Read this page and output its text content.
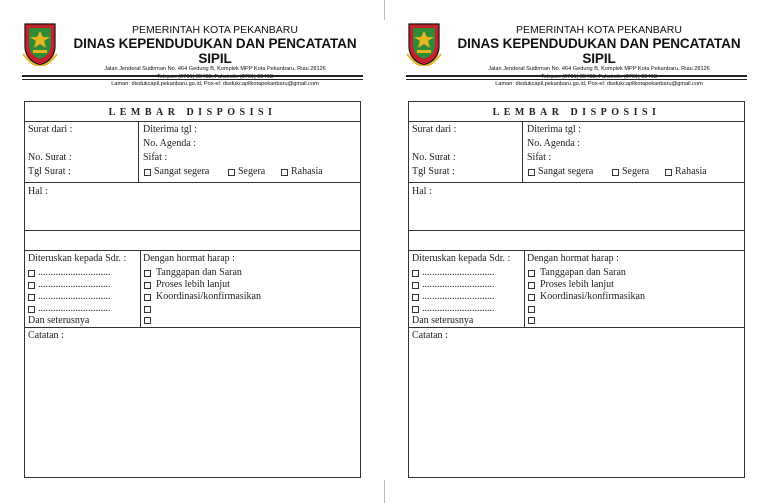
PEMERINTAH KOTA PEKANBARU
DINAS KEPENDUDUKAN DAN PENCATATAN SIPIL
Jalan Jenderal Sudirman No. 464 Gedung B, Komplek MPP Kota Pekanbaru, Riau 28126
Laman: disdukcapil.pekanbaru.go.id, Pos-el: disdukcapilkotapekanbaru@gmail.com
LEMBAR DISPOSISI
Surat dari :
No. Surat :
Tgl Surat :
Diterima tgl :
No. Agenda :
Sifat :
Sangat segera	Segera	Rahasia
Hal :
Diteruskan kepada Sdr. :
.............................
.............................
.............................
.............................
Dan seterusnya
Dengan hormat harap :
Tanggapan dan Saran
Proses lebih lanjut
Koordinasi/konfirmasikan
Catatan :
PEMERINTAH KOTA PEKANBARU
DINAS KEPENDUDUKAN DAN PENCATATAN SIPIL
Jalan Jenderal Sudirman No. 464 Gedung B, Komplek MPP Kota Pekanbaru, Riau 28126
Laman: disdukcapil.pekanbaru.go.id, Pos-el: disdukcapilkotapekanbaru@gmail.com
LEMBAR DISPOSISI
Surat dari :
No. Surat :
Tgl Surat :
Diterima tgl :
No. Agenda :
Sifat :
Sangat segera	Segera	Rahasia
Hal :
Diteruskan kepada Sdr. :
.............................
.............................
.............................
.............................
Dan seterusnya
Dengan hormat harap :
Tanggapan dan Saran
Proses lebih lanjut
Koordinasi/konfirmasikan
Catatan :
